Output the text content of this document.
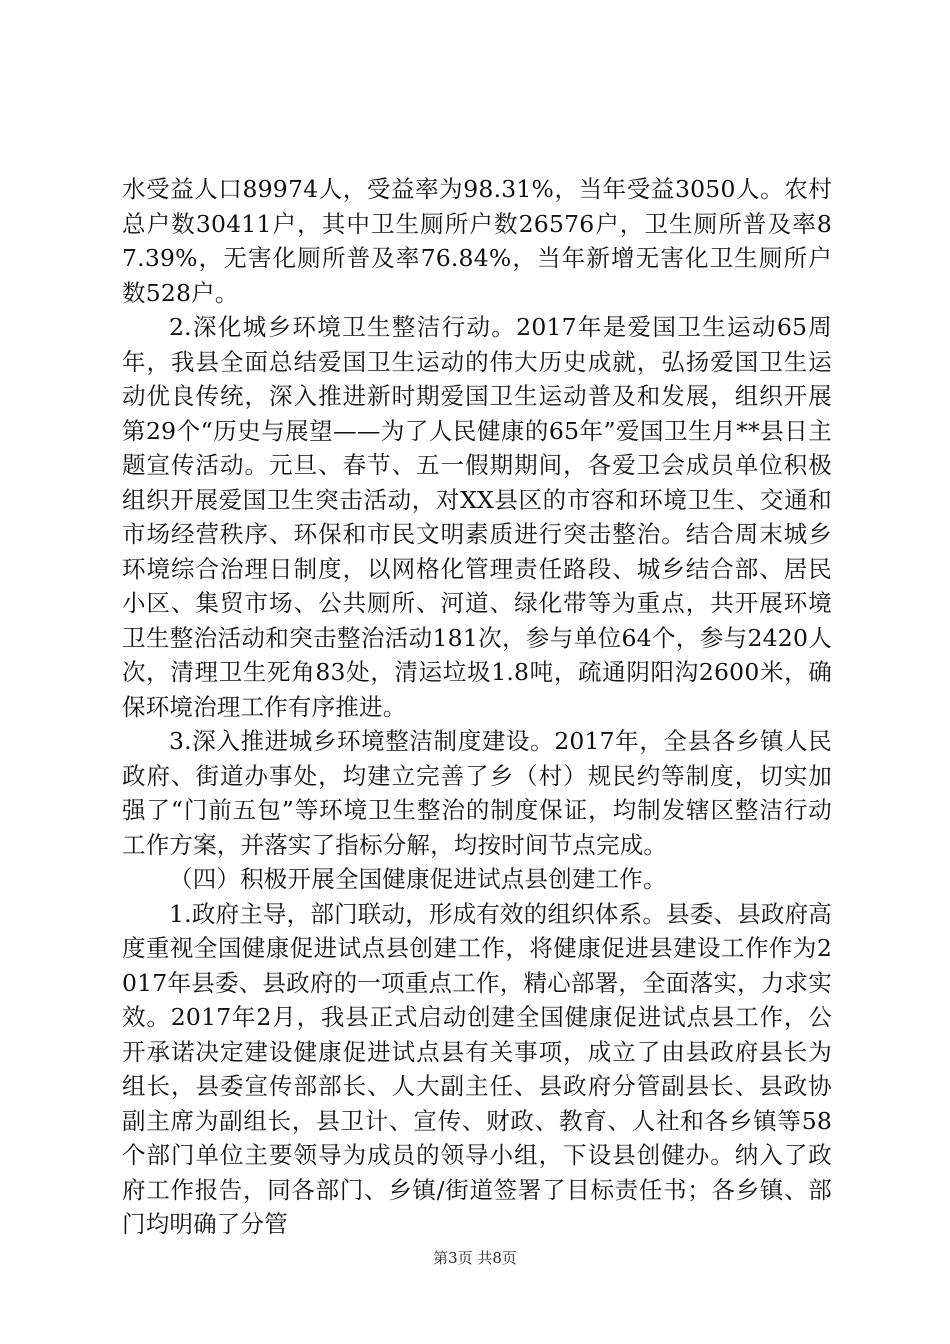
水受益人口89974人，受益率为98.31%，当年受益3050人。农村总户数30411户，其中卫生厕所户数26576户，卫生厕所普及率87.39%，无害化厕所普及率76.84%，当年新增无害化卫生厕所户数528户。

2.深化城乡环境卫生整洁行动。2017年是爱国卫生运动65周年，我县全面总结爱国卫生运动的伟大历史成就，弘扬爱国卫生运动优良传统，深入推进新时期爱国卫生运动普及和发展，组织开展第29个“历史与展望——为了人民健康的65年”爱国卫生月**县日主题宣传活动。元旦、春节、五一假期期间，各爱卫会成员单位积极组织开展爱国卫生突击活动，对XX县区的市容和环境卫生、交通和市场经营秩序、环保和市民文明素质进行突击整治。结合周末城乡环境综合治理日制度，以网格化管理责任路段、城乡结合部、居民小区、集贸市场、公共厕所、河道、绿化带等为重点，共开展环境卫生整治活动和突击整治活动181次，参与单位64个，参与2420人次，清理卫生死角83处，清运垃圾1.8吨，疏通阴阳沟2600米，确保环境治理工作有序推进。

3.深入推进城乡环境整洁制度建设。2017年，全县各乡镇人民政府、街道办事处，均建立完善了乡（村）规民约等制度，切实加强了“门前五包”等环境卫生整治的制度保证，均制发辖区整洁行动工作方案，并落实了指标分解，均按时间节点完成。

（四）积极开展全国健康促进试点县创建工作。

1.政府主导，部门联动，形成有效的组织体系。县委、县政府高度重视全国健康促进试点县创建工作，将健康促进县建设工作作为2017年县委、县政府的一项重点工作，精心部署，全面落实，力求实效。2017年2月，我县正式启动创建全国健康促进试点县工作，公开承诺决定建设健康促进试点县有关事项，成立了由县政府县长为组长，县委宣传部部长、人大副主任、县政府分管副县长、县政协副主席为副组长，县卫计、宣传、财政、教育、人社和各乡镇等58个部门单位主要领导为成员的领导小组，下设县创健办。纳入了政府工作报告，同各部门、乡镇/街道签署了目标责任书；各乡镇、部门均明确了分管

第3页 共8页
